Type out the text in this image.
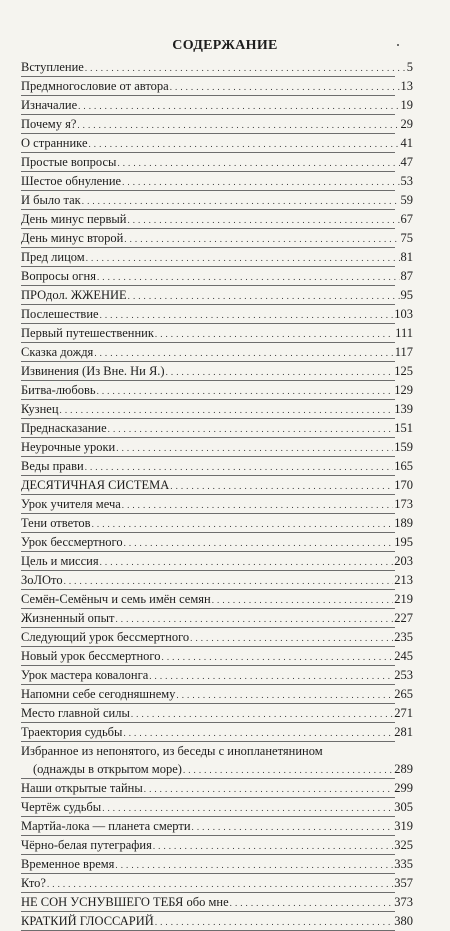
СОДЕРЖАНИЕ
Вступление . . .	5
Предмногословие от автора . . .	13
Изначалие . . .	19
Почему я? . . .	29
О страннике . . .	41
Простые вопросы . . .	47
Шестое обнуление . . .	53
И было так . . .	59
День минус первый . . .	67
День минус второй . . .	75
Пред лицом . . .	81
Вопросы огня . . .	87
ПРОдол. ЖЖЕНИЕ . . .	95
Послешествие . . .	103
Первый путешественник . . .	111
Сказка дождя . . .	117
Извинения (Из Вне. Ни Я.) . . .	125
Битва-любовь . . .	129
Кузнец . . .	139
Преднасказание . . .	151
Неурочные уроки . . .	159
Веды прави . . .	165
ДЕСЯТИЧНАЯ СИСТЕМА . . .	170
Урок учителя меча . . .	173
Тени ответов . . .	189
Урок бессмертного . . .	195
Цель и миссия . . .	203
ЗоЛОто . . .	213
Семён-Семёныч и семь имён семян . . .	219
Жизненный опыт . . .	227
Следующий урок бессмертного . . .	235
Новый урок бессмертного . . .	245
Урок мастера ковалонга . . .	253
Напомни себе сегодняшнему . . .	265
Место главной силы . . .	271
Траектория судьбы . . .	281
Избранное из непонятого, из беседы с инопланетянином
(однажды в открытом море) . . .	289
Наши открытые тайны . . .	299
Чертёж судьбы . . .	305
Мартйа-лока — планета смерти . . .	319
Чёрно-белая путеграфия . . .	325
Временное время . . .	335
Кто? . . .	357
НЕ СОН УСНУВШЕГО ТЕБЯ обо мне . . .	373
КРАТКИЙ ГЛОССАРИЙ . . .	380
